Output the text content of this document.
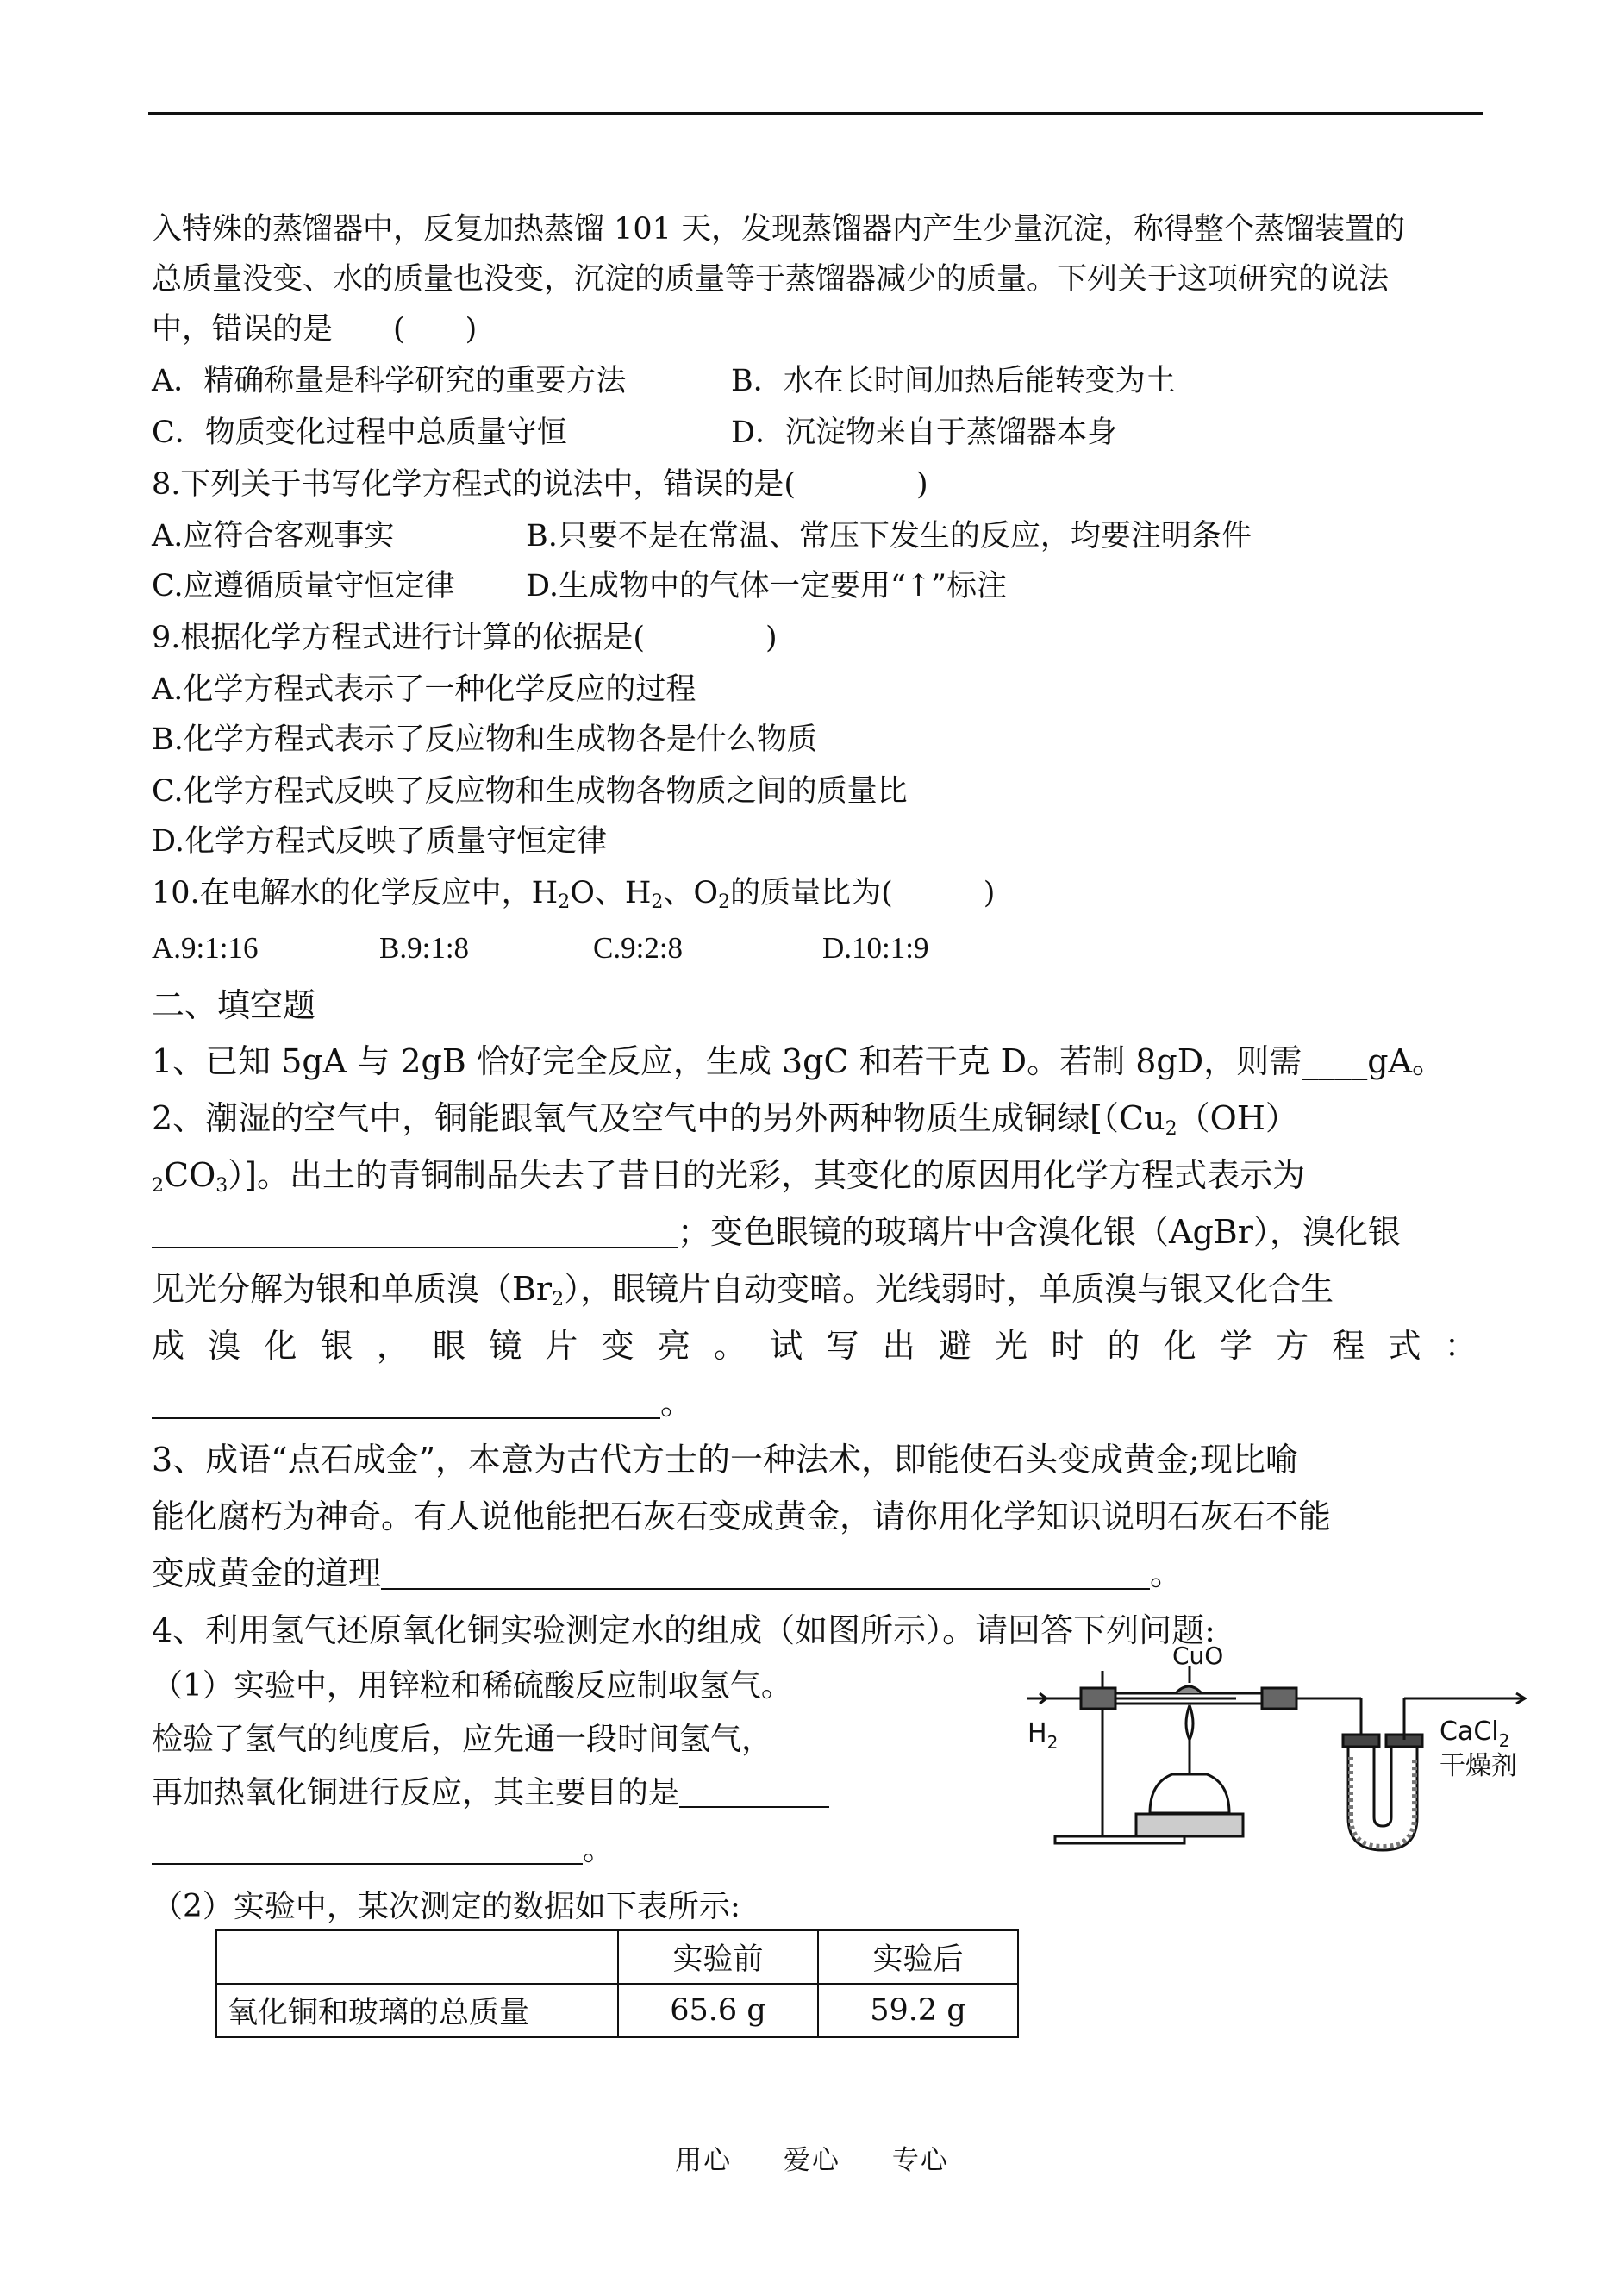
入特殊的蒸馏器中，反复加热蒸馏 101 天，发现蒸馏器内产生少量沉淀，称得整个蒸馏装置的
总质量没变、水的质量也没变，沉淀的质量等于蒸馏器减少的质量。下列关于这项研究的说法
中，错误的是　　(　　)
A．精确称量是科学研究的重要方法	B．水在长时间加热后能转变为土
C．物质变化过程中总质量守恒	D．沉淀物来自于蒸馏器本身
8.下列关于书写化学方程式的说法中，错误的是(　　　　)
A.应符合客观事实	B.只要不是在常温、常压下发生的反应，均要注明条件
C.应遵循质量守恒定律 D.生成物中的气体一定要用“↑”标注
9.根据化学方程式进行计算的依据是(　　　　)
A.化学方程式表示了一种化学反应的过程
B.化学方程式表示了反应物和生成物各是什么物质
C.化学方程式反映了反应物和生成物各物质之间的质量比
D.化学方程式反映了质量守恒定律
10.在电解水的化学反应中，$H_2O$、$H_2$、$O_2$的质量比为(　　　)
A.9:1:16	B.9:1:8	C.9:2:8	D.10:1:9
二、填空题
1、已知 5gA 与 2gB 恰好完全反应，生成 3gC 和若干克 D。若制 8gD，则需____gA。
2、潮湿的空气中，铜能跟氧气及空气中的另外两种物质生成铜绿[（$Cu_2(OH)$
$_2CO_3$）]。出土的青铜制品失去了昔日的光彩，其变化的原因用化学方程式表示为
；变色眼镜的玻璃片中含溴化银（AgBr），溴化银
见光分解为银和单质溴$(Br_2)$，眼镜片自动变暗。光线弱时，单质溴与银又化合生
成 溴 化 银 ， 眼 镜 片 变 亮 。 试 写 出 避 光 时 的 化 学 方 程 式 ：
。
3、成语“点石成金”，本意为古代方士的一种法术，即能使石头变成黄金;现比喻
能化腐朽为神奇。有人说他能把石灰石变成黄金，请你用化学知识说明石灰石不能
变成黄金的道理	。
4、利用氢气还原氧化铜实验测定水的组成（如图所示）。请回答下列问题:
（1）实验中，用锌粒和稀硫酸反应制取氢气。
检验了氢气的纯度后，应先通一段时间氢气，
再加热氧化铜进行反应，其主要目的是
。
（2）实验中，某次测定的数据如下表所示:
$H_2$
CuO
CaCl$_2$
干燥剂
	实验前	实验后
氧化铜和玻璃的总质量	65.6 g	59.2 g
用心 爱心 专心
